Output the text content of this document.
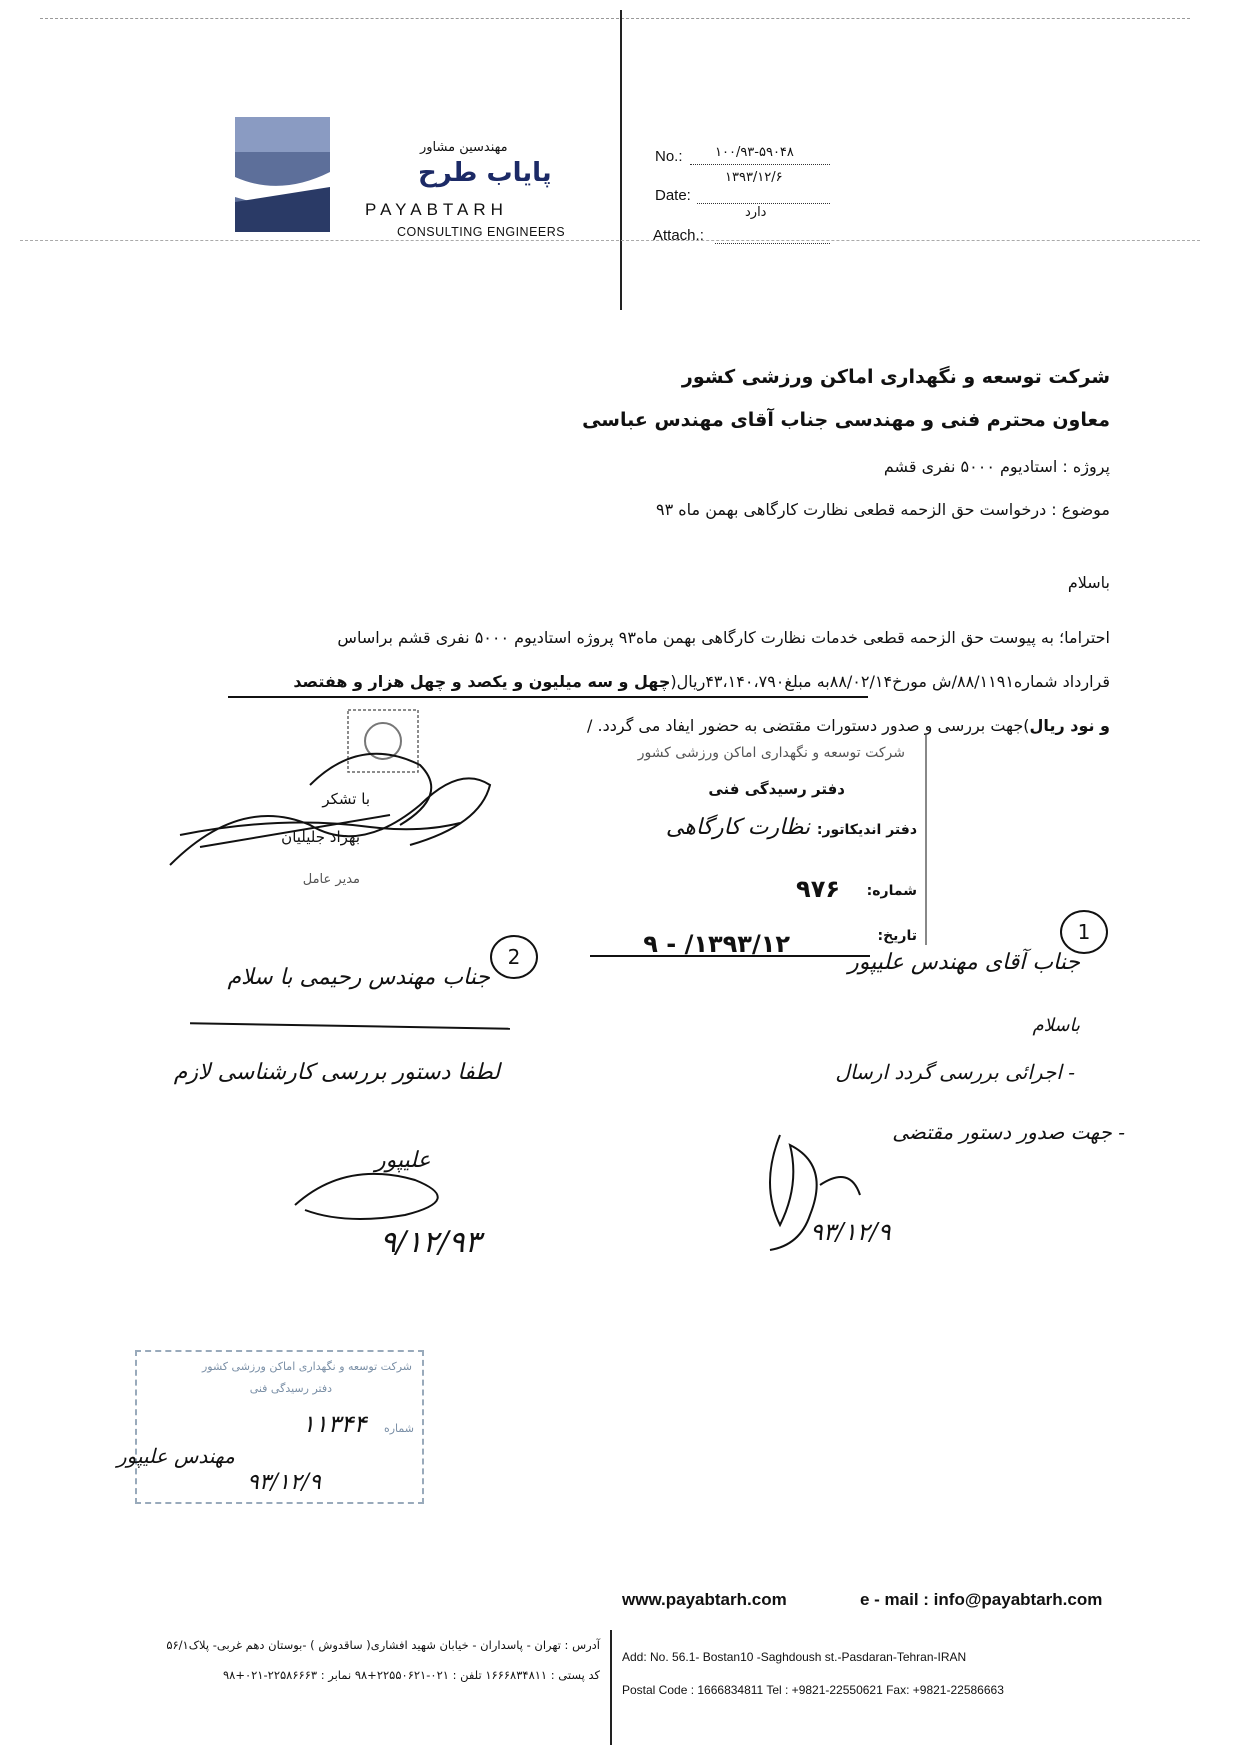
مهندسین مشاور
پایاب طرح
PAYABTARH
CONSULTING ENGINEERS
No.: ۱۰۰/۹۳-۵۹۰۴۸
۱۳۹۳/۱۲/۶
Date:
دارد
Attach.:
شرکت توسعه و نگهداری اماکن ورزشی کشور
معاون محترم فنی و مهندسی جناب آقای مهندس عباسی
پروژه : استادیوم ۵۰۰۰ نفری قشم
موضوع : درخواست حق الزحمه قطعی نظارت کارگاهی بهمن ماه ۹۳
باسلام
احتراما؛ به پیوست حق الزحمه قطعی خدمات نظارت کارگاهی بهمن ماه۹۳ پروژه استادیوم ۵۰۰۰ نفری قشم براساس
قرارداد شماره۸۸/۱۱۹۱/ش مورخ۸۸/۰۲/۱۴به مبلغ۴۳،۱۴۰،۷۹۰ریال(چهل و سه میلیون و یکصد و چهل هزار و هفتصد
و نود ریال)جهت بررسی و صدور دستورات مقتضی به حضور ایفاد می گردد. /
با تشکر
بهزاد جلیلیان
مدیر عامل
شرکت توسعه و نگهداری اماکن ورزشی کشور
دفتر رسیدگی فنی
دفتر اندیکاتور:
نظارت کارگاهی
شماره:
۹۷۶
تاریخ:
۱۳۹۳/۱۲/ - ۹	1
جناب آقای مهندس علیپور
باسلام
- اجرائی بررسی گردد ارسال
- جهت صدور دستور مقتضی
۹۳/۱۲/۹
2
جناب مهندس رحیمی با سلام
لطفا دستور بررسی کارشناسی لازم
علیپور
۹/۱۲/۹۳
شرکت توسعه و نگهداری اماکن ورزشی کشور
دفتر رسیدگی فنی
شماره
۱۱۳۴۴
مهندس علیپور
۹۳/۱۲/۹
www.payabtarh.com	e - mail : info@payabtarh.com
آدرس : تهران - پاسداران - خیابان شهید افشاری( ساقدوش ) -بوستان دهم غربی- پلاک۵۶/۱
کد پستی : ۱۶۶۶۸۳۴۸۱۱ تلفن : ۰۲۱-۲۲۵۵۰۶۲۱+۹۸ نمابر : ۲۲۵۸۶۶۶۳-۰۲۱+۹۸
Add: No. 56.1- Bostan10 -Saghdoush st.-Pasdaran-Tehran-IRAN
Postal Code : 1666834811 Tel : +9821-22550621 Fax: +9821-22586663
